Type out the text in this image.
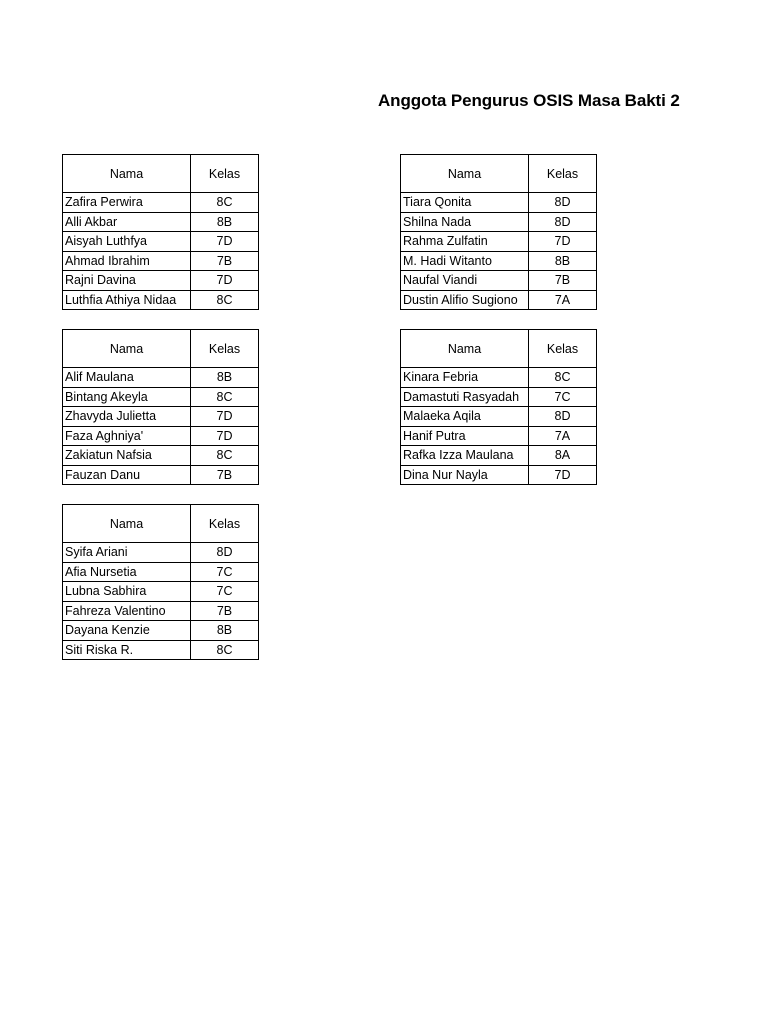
Anggota Pengurus OSIS Masa Bakti 2
Nama	Kelas
Zafira Perwira	8C
Alli Akbar	8B
Aisyah Luthfya	7D
Ahmad Ibrahim	7B
Rajni Davina	7D
Luthfia Athiya Nidaa	8C
Nama	Kelas
Tiara Qonita	8D
Shilna Nada	8D
Rahma Zulfatin	7D
M. Hadi Witanto	8B
Naufal Viandi	7B
Dustin Alifio Sugiono	7A
Nama	Kelas
Alif Maulana	8B
Bintang Akeyla	8C
Zhavyda Julietta	7D
Faza Aghniya'	7D
Zakiatun Nafsia	8C
Fauzan Danu	7B
Nama	Kelas
Kinara Febria	8C
Damastuti Rasyadah	7C
Malaeka Aqila	8D
Hanif Putra	7A
Rafka Izza Maulana	8A
Dina Nur Nayla	7D
Nama	Kelas
Syifa Ariani	8D
Afia Nursetia	7C
Lubna Sabhira	7C
Fahreza Valentino	7B
Dayana Kenzie	8B
Siti Riska R.	8C
